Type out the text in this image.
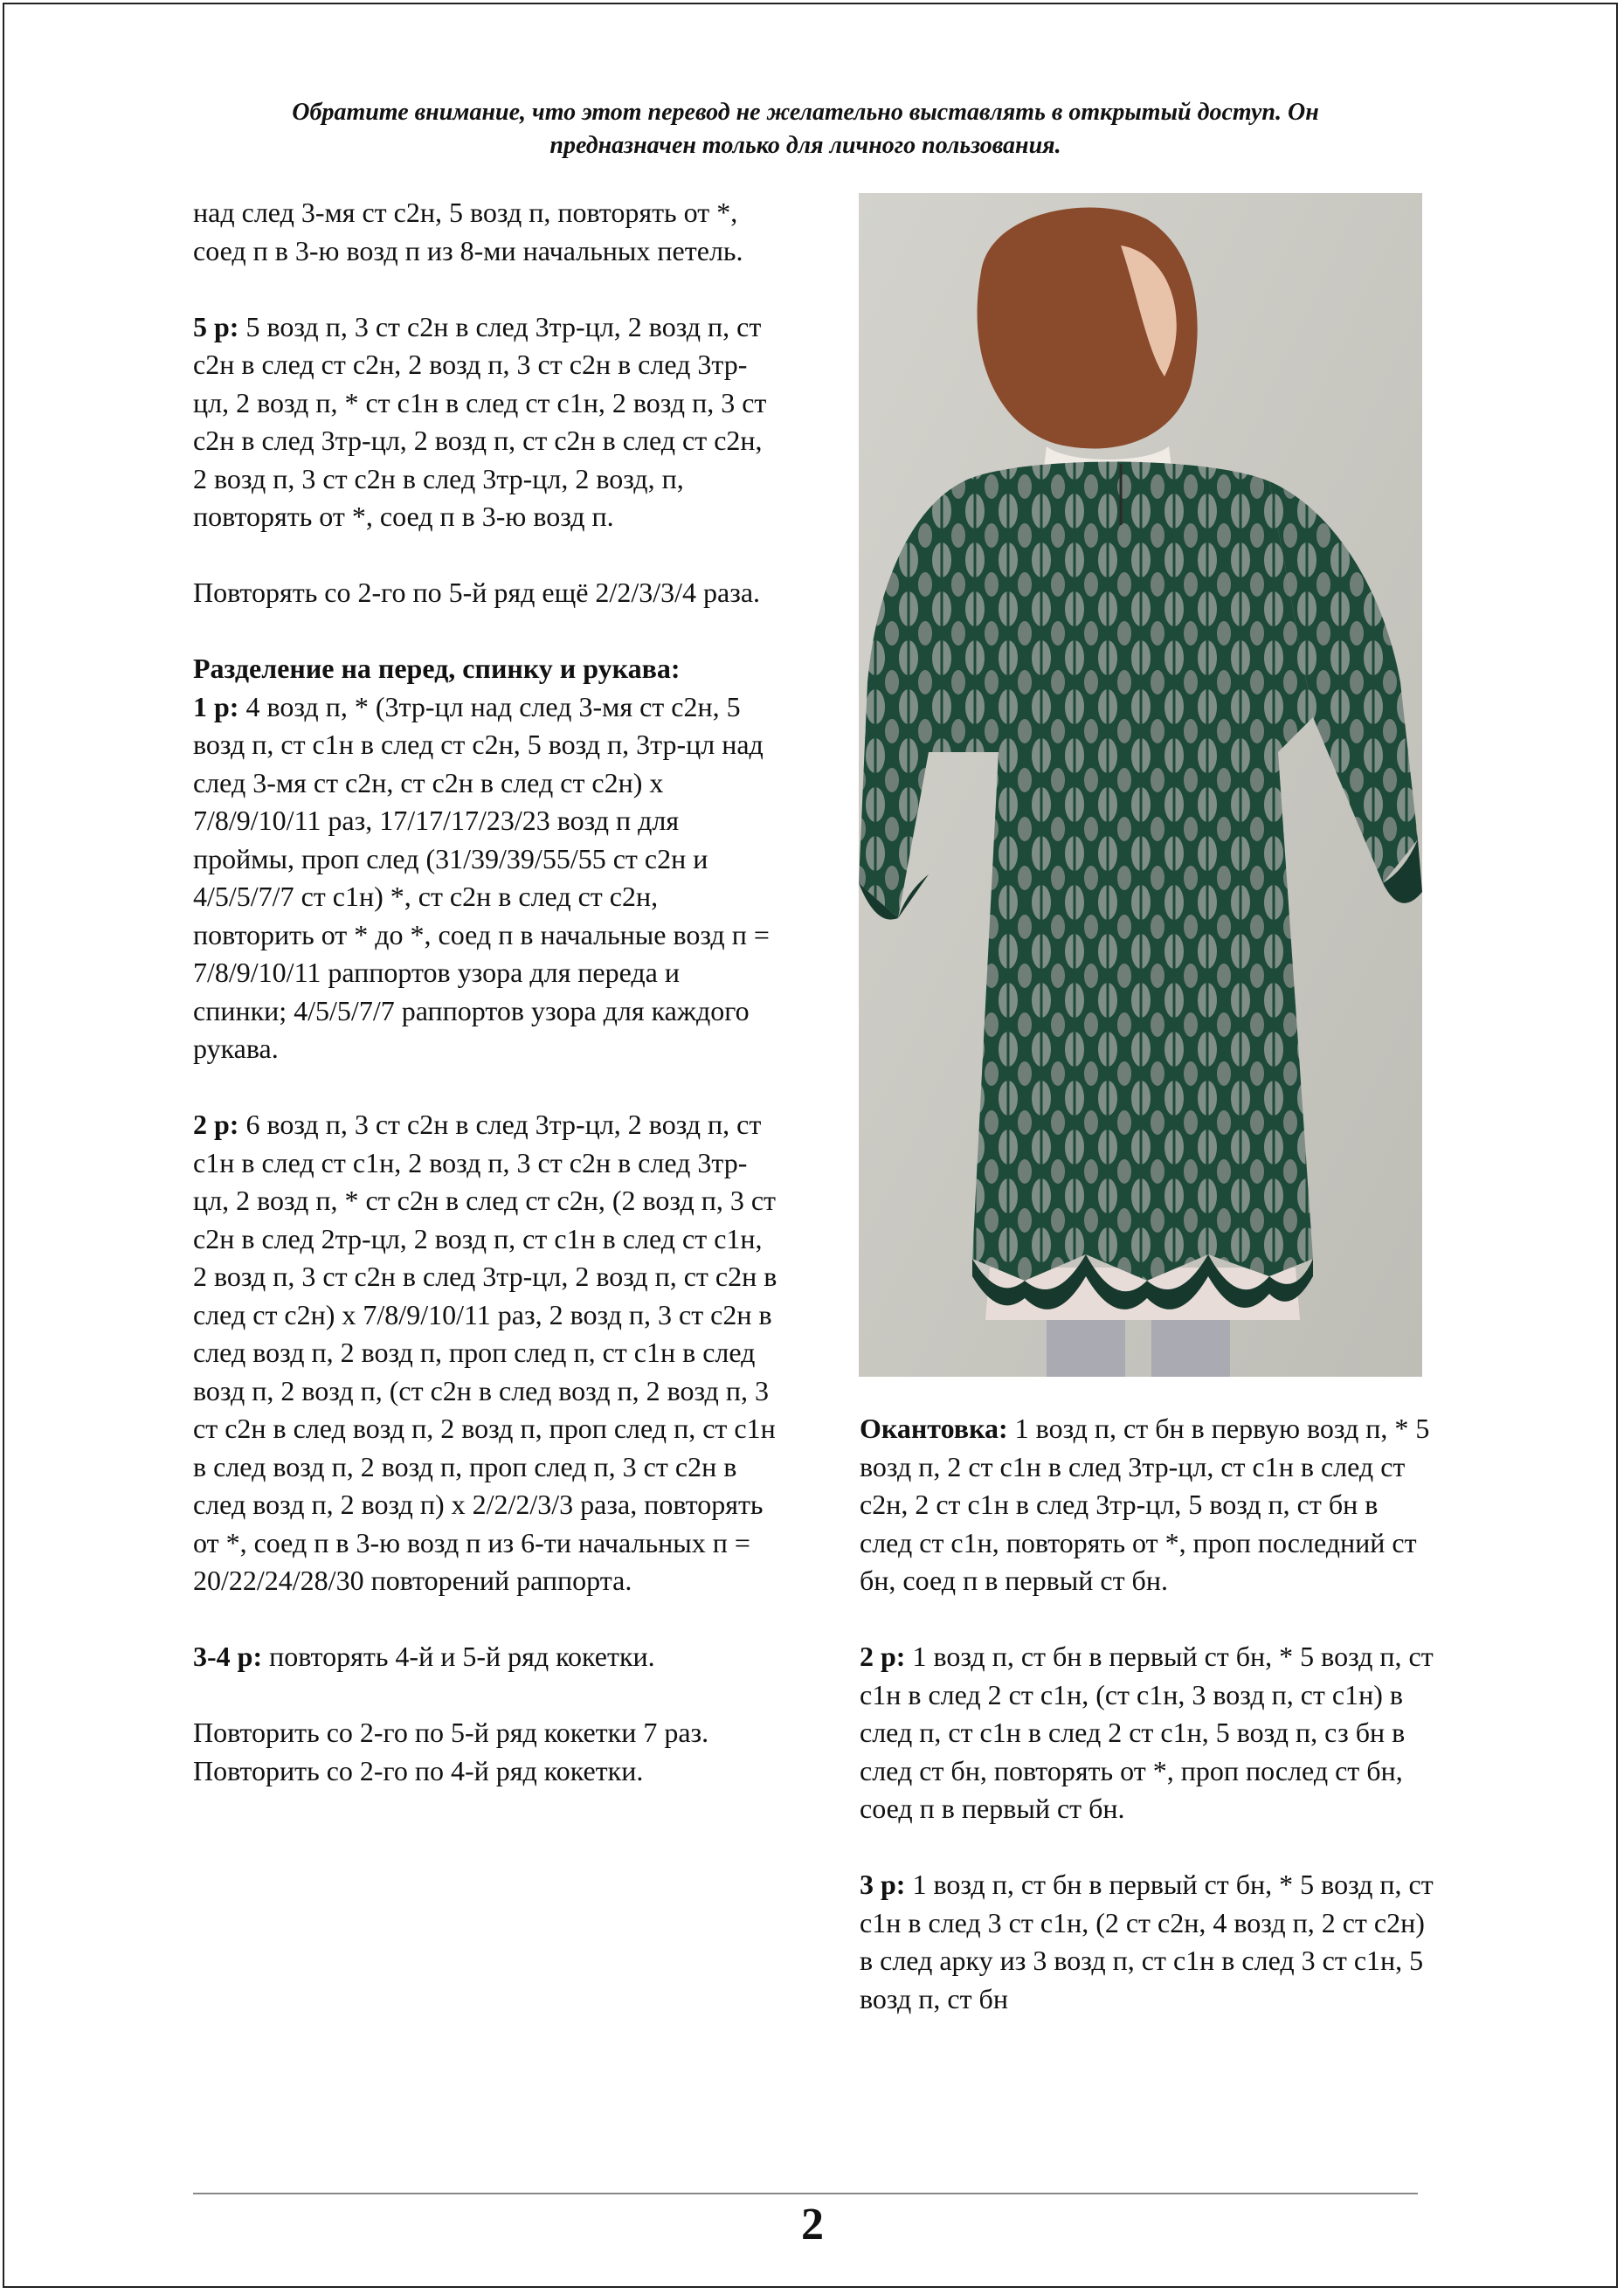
Обратите внимание, что этот перевод не желательно выставлять в открытый доступ. Он
предназначен только для личного пользования.

над след 3-мя ст с2н, 5 возд п, повторять от *, соед п в 3-ю возд п из 8-ми начальных петель.

5 р: 5 возд п, 3 ст с2н в след 3тр-цл, 2 возд п, ст с2н в след ст с2н, 2 возд п, 3 ст с2н в след 3тр-цл, 2 возд п, * ст с1н в след ст с1н, 2 возд п, 3 ст с2н в след 3тр-цл, 2 возд п, ст с2н в след ст с2н, 2 возд п, 3 ст с2н в след 3тр-цл, 2 возд, п, повторять от *, соед п в 3-ю возд п.

Повторять со 2-го по 5-й ряд ещё 2/2/3/3/4 раза.

Разделение на перед, спинку и рукава:

1 р: 4 возд п, * (3тр-цл над след 3-мя ст с2н, 5 возд п, ст с1н в след ст с2н, 5 возд п, 3тр-цл над след 3-мя ст с2н, ст с2н в след ст с2н) х 7/8/9/10/11 раз, 17/17/17/23/23 возд п для проймы, проп след (31/39/39/55/55 ст с2н и 4/5/5/7/7 ст с1н) *, ст с2н в след ст с2н, повторить от * до *, соед п в начальные возд п = 7/8/9/10/11 раппортов узора для переда и спинки; 4/5/5/7/7 раппортов узора для каждого рукава.

2 р: 6 возд п, 3 ст с2н в след 3тр-цл, 2 возд п, ст с1н в след ст с1н, 2 возд п, 3 ст с2н в след 3тр-цл, 2 возд п, * ст с2н в след ст с2н, (2 возд п, 3 ст с2н в след 2тр-цл, 2 возд п, ст с1н в след ст с1н, 2 возд п, 3 ст с2н в след 3тр-цл, 2 возд п, ст с2н в след ст с2н) х 7/8/9/10/11 раз, 2 возд п, 3 ст с2н в след возд п, 2 возд п, проп след п, ст с1н в след возд п, 2 возд п, (ст с2н в след возд п, 2 возд п, 3 ст с2н в след возд п, 2 возд п, проп след п, ст с1н в след возд п, 2 возд п, проп след п, 3 ст с2н в след возд п, 2 возд п) х 2/2/2/3/3 раза, повторять от *, соед п в 3-ю возд п из 6-ти начальных п = 20/22/24/28/30 повторений раппорта.

3-4 р: повторять 4-й и 5-й ряд кокетки.

Повторить со 2-го по 5-й ряд кокетки 7 раз. Повторить со 2-го по 4-й ряд кокетки.

Окантовка: 1 возд п, ст бн в первую возд п, * 5 возд п, 2 ст с1н в след 3тр-цл, ст с1н в след ст с2н, 2 ст с1н в след 3тр-цл, 5 возд п, ст бн в след ст с1н, повторять от *, проп последний ст бн, соед п в первый ст бн.

2 р: 1 возд п, ст бн в первый ст бн, * 5 возд п, ст с1н в след 2 ст с1н, (ст с1н, 3 возд п, ст с1н) в след п, ст с1н в след 2 ст с1н, 5 возд п, сз бн в след ст бн, повторять от *, проп послед ст бн, соед п в первый ст бн.

3 р: 1 возд п, ст бн в первый ст бн, * 5 возд п, ст с1н в след 3 ст с1н, (2 ст с2н, 4 возд п, 2 ст с2н) в след арку из 3 возд п, ст с1н в след 3 ст с1н, 5 возд п, ст бн

2
